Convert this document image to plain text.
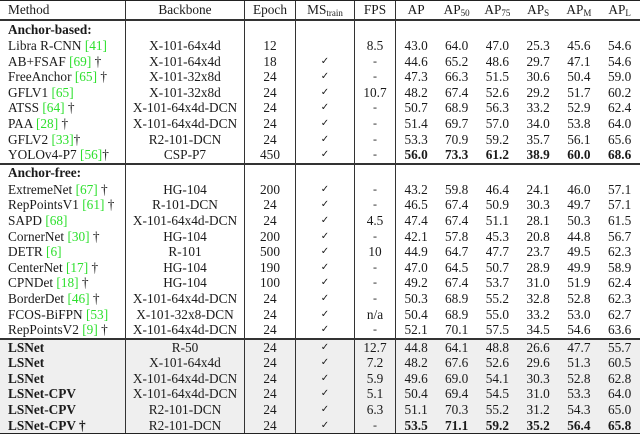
Method	Backbone	Epoch	$MS_{train}$	FPS	AP	$AP_{50}$	$AP_{75}$	$AP_S$	$AP_M$	$AP_L$
Anchor-based:										
Libra R-CNN [41]	X-101-64x4d	12		8.5	43.0	64.0	47.0	25.3	45.6	54.6
AB+FSAF [69] †	X-101-64x4d	18	✓	-	44.6	65.2	48.6	29.7	47.1	54.6
FreeAnchor [65] †	X-101-32x8d	24	✓	-	47.3	66.3	51.5	30.6	50.4	59.0
GFLV1 [65]	X-101-32x8d	24	✓	10.7	48.2	67.4	52.6	29.2	51.7	60.2
ATSS [64] †	X-101-64x4d-DCN	24	✓	-	50.7	68.9	56.3	33.2	52.9	62.4
PAA [28] †	X-101-64x4d-DCN	24	✓	-	51.4	69.7	57.0	34.0	53.8	64.0
GFLV2 [33]†	R2-101-DCN	24	✓	-	53.3	70.9	59.2	35.7	56.1	65.6
YOLOv4-P7 [56]†	CSP-P7	450	✓	-	56.0	73.3	61.2	38.9	60.0	68.6
Anchor-free:										
ExtremeNet [67] †	HG-104	200	✓	-	43.2	59.8	46.4	24.1	46.0	57.1
RepPointsV1 [61] †	R-101-DCN	24	✓	-	46.5	67.4	50.9	30.3	49.7	57.1
SAPD [68]	X-101-64x4d-DCN	24	✓	4.5	47.4	67.4	51.1	28.1	50.3	61.5
CornerNet [30] †	HG-104	200	✓	-	42.1	57.8	45.3	20.8	44.8	56.7
DETR [6]	R-101	500	✓	10	44.9	64.7	47.7	23.7	49.5	62.3
CenterNet [17] †	HG-104	190	✓	-	47.0	64.5	50.7	28.9	49.9	58.9
CPNDet [18] †	HG-104	100	✓	-	49.2	67.4	53.7	31.0	51.9	62.4
BorderDet [46] †	X-101-64x4d-DCN	24	✓	-	50.3	68.9	55.2	32.8	52.8	62.3
FCOS-BiFPN [53]	X-101-32x8-DCN	24	✓	n/a	50.4	68.9	55.0	33.2	53.0	62.7
RepPointsV2 [9] †	X-101-64x4d-DCN	24	✓	-	52.1	70.1	57.5	34.5	54.6	63.6
LSNet	R-50	24	✓	12.7	44.8	64.1	48.8	26.6	47.7	55.7
LSNet	X-101-64x4d	24	✓	7.2	48.2	67.6	52.6	29.6	51.3	60.5
LSNet	X-101-64x4d-DCN	24	✓	5.9	49.6	69.0	54.1	30.3	52.8	62.8
LSNet-CPV	X-101-64x4d-DCN	24	✓	5.1	50.4	69.4	54.5	31.0	53.3	64.0
LSNet-CPV	R2-101-DCN	24	✓	6.3	51.1	70.3	55.2	31.2	54.3	65.0
LSNet-CPV †	R2-101-DCN	24	✓	-	53.5	71.1	59.2	35.2	56.4	65.8
